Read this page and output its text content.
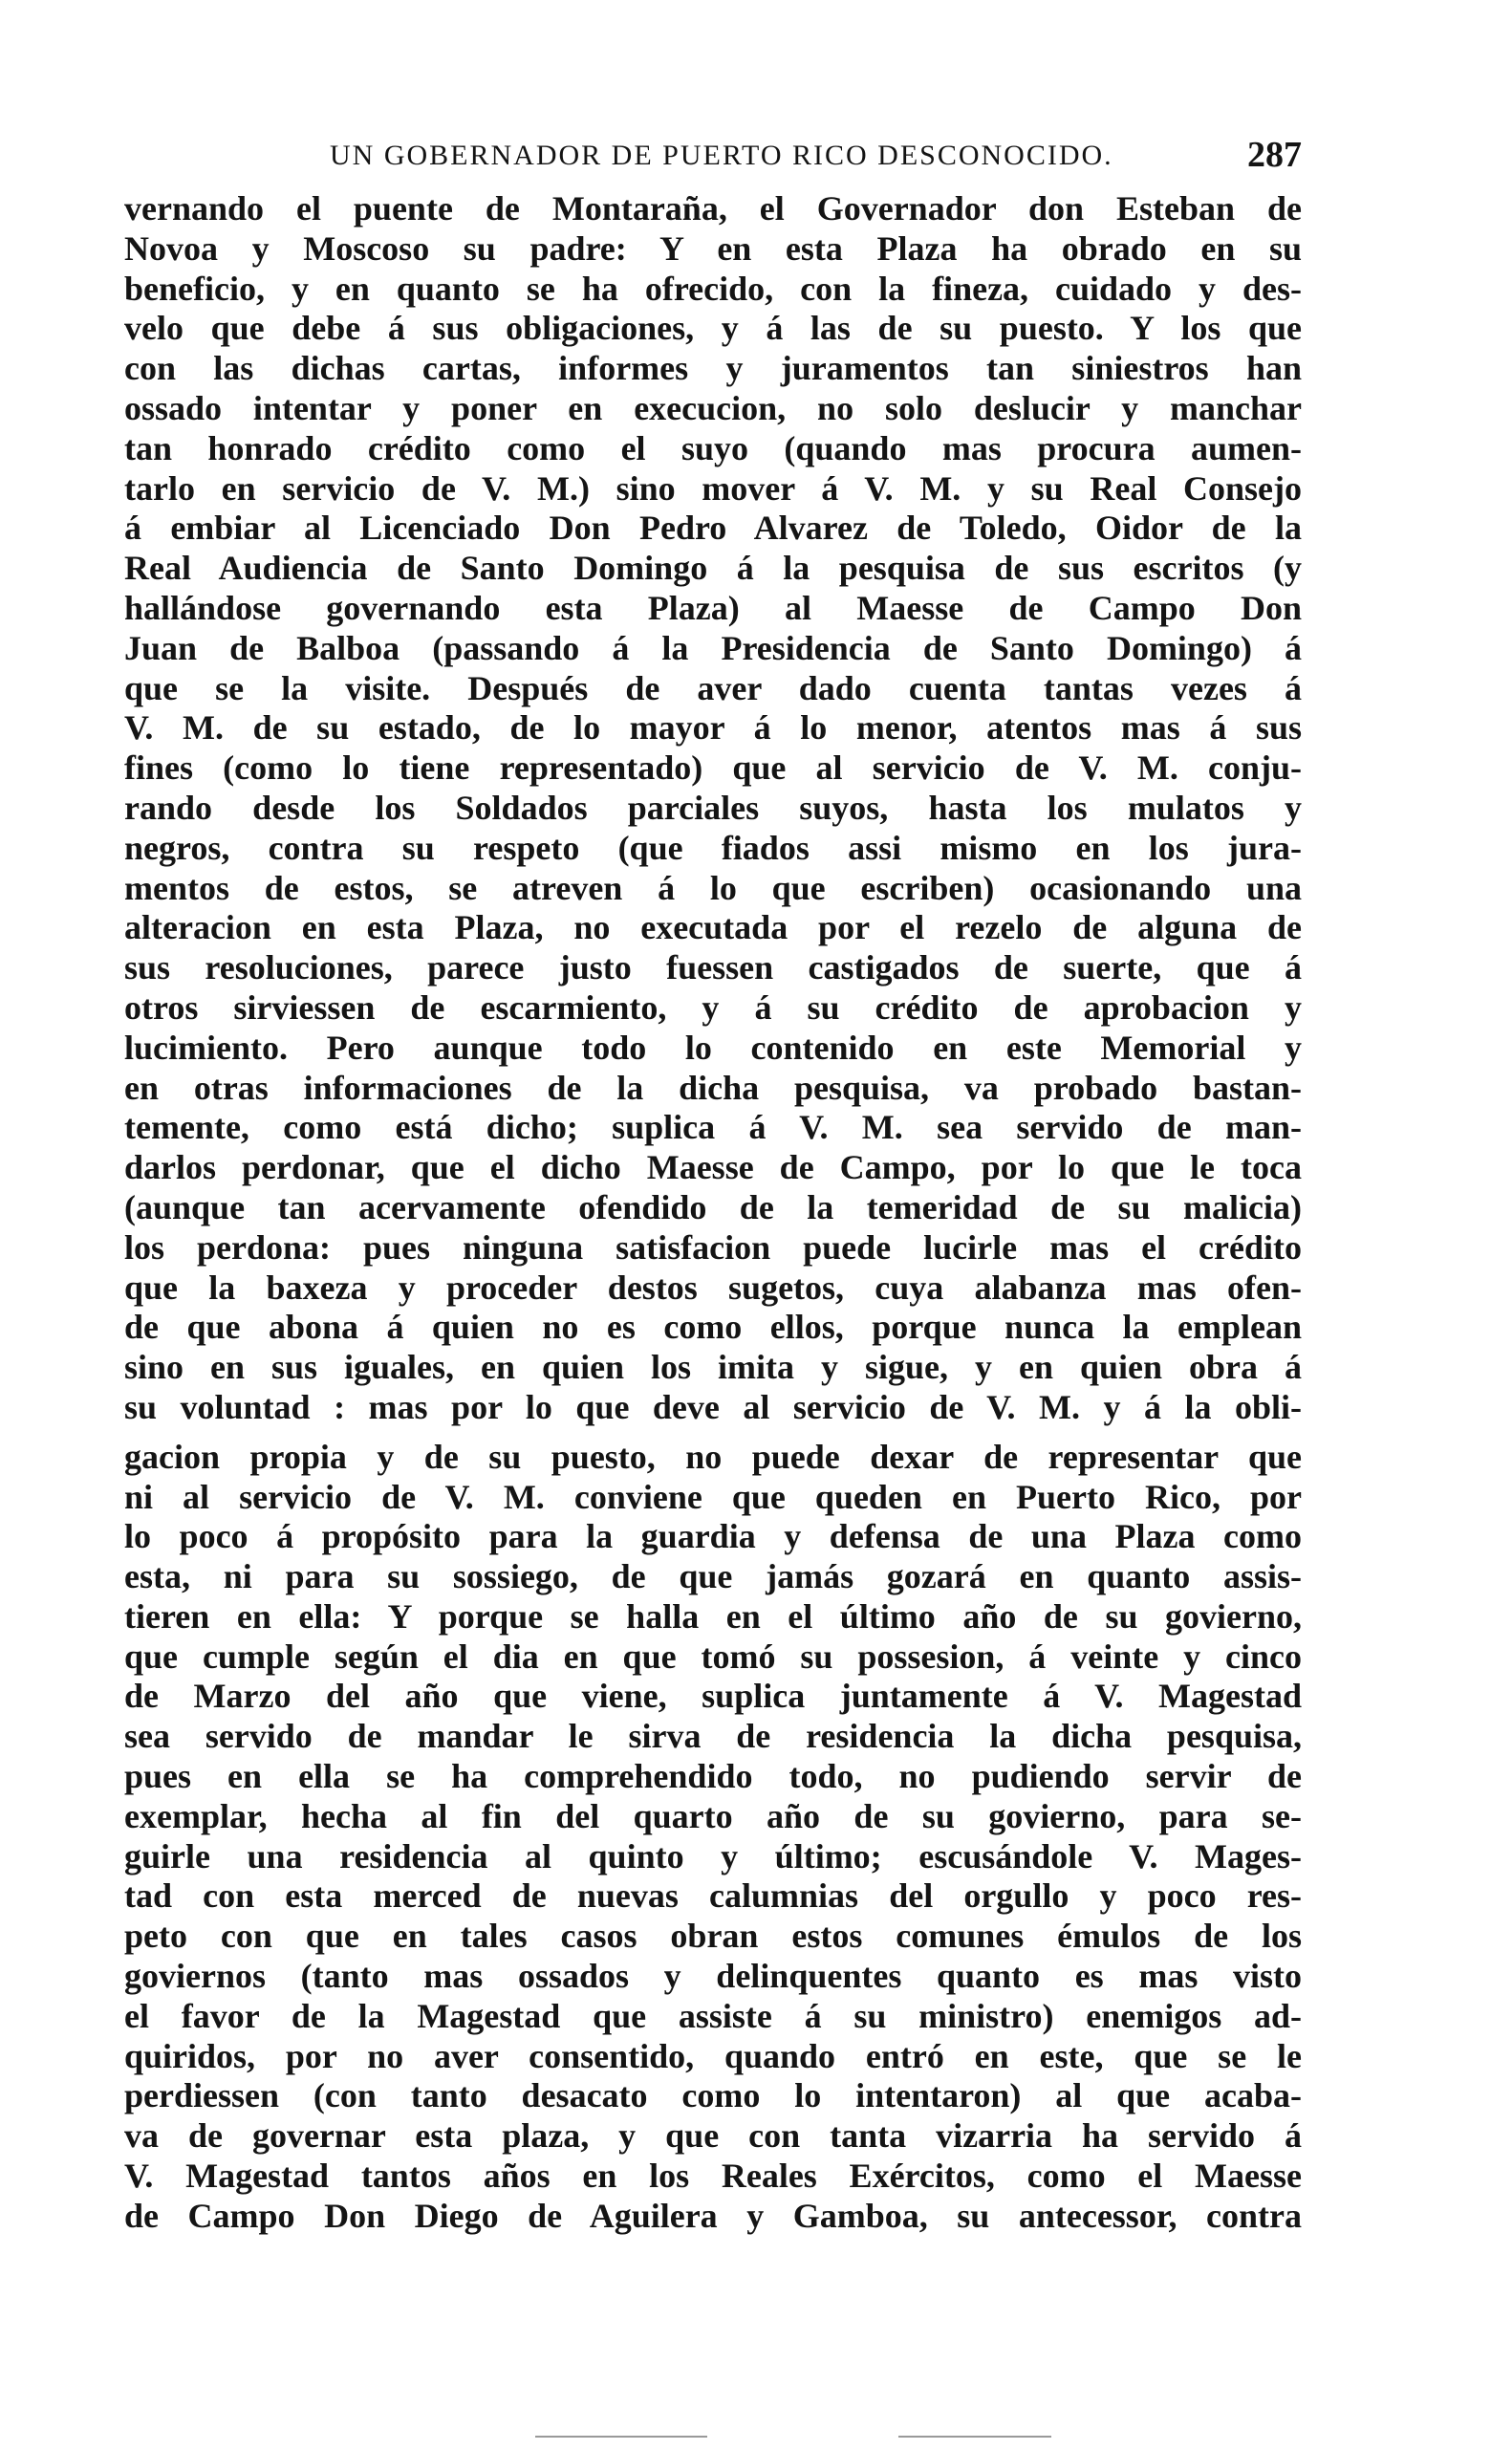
UN GOBERNADOR DE PUERTO RICO DESCONOCIDO.	287
vernando el puente de Montaraña, el Governador don Esteban de
Novoa y Moscoso su padre: Y en esta Plaza ha obrado en su
beneficio, y en quanto se ha ofrecido, con la fineza, cuidado y des-
velo que debe á sus obligaciones, y á las de su puesto. Y los que
con las dichas cartas, informes y juramentos tan siniestros han
ossado intentar y poner en execucion, no solo deslucir y manchar
tan honrado crédito como el suyo (quando mas procura aumen-
tarlo en servicio de V. M.) sino mover á V. M. y su Real Consejo
á embiar al Licenciado Don Pedro Alvarez de Toledo, Oidor de la
Real Audiencia de Santo Domingo á la pesquisa de sus escritos (y
hallándose governando esta Plaza) al Maesse de Campo Don
Juan de Balboa (passando á la Presidencia de Santo Domingo) á
que se la visite. Después de aver dado cuenta tantas vezes á
V. M. de su estado, de lo mayor á lo menor, atentos mas á sus
fines (como lo tiene representado) que al servicio de V. M. conju-
rando desde los Soldados parciales suyos, hasta los mulatos y
negros, contra su respeto (que fiados assi mismo en los jura-
mentos de estos, se atreven á lo que escriben) ocasionando una
alteracion en esta Plaza, no executada por el rezelo de alguna de
sus resoluciones, parece justo fuessen castigados de suerte, que á
otros sirviessen de escarmiento, y á su crédito de aprobacion y
lucimiento. Pero aunque todo lo contenido en este Memorial y
en otras informaciones de la dicha pesquisa, va probado bastan-
temente, como está dicho; suplica á V. M. sea servido de man-
darlos perdonar, que el dicho Maesse de Campo, por lo que le toca
(aunque tan acervamente ofendido de la temeridad de su malicia)
los perdona: pues ninguna satisfacion puede lucirle mas el crédito
que la baxeza y proceder destos sugetos, cuya alabanza mas ofen-
de que abona á quien no es como ellos, porque nunca la emplean
sino en sus iguales, en quien los imita y sigue, y en quien obra á
su voluntad : mas por lo que deve al servicio de V. M. y á la obli-
gacion propia y de su puesto, no puede dexar de representar que
ni al servicio de V. M. conviene que queden en Puerto Rico, por
lo poco á propósito para la guardia y defensa de una Plaza como
esta, ni para su sossiego, de que jamás gozará en quanto assis-
tieren en ella: Y porque se halla en el último año de su govierno,
que cumple según el dia en que tomó su possesion, á veinte y cinco
de Marzo del año que viene, suplica juntamente á V. Magestad
sea servido de mandar le sirva de residencia la dicha pesquisa,
pues en ella se ha comprehendido todo, no pudiendo servir de
exemplar, hecha al fin del quarto año de su govierno, para se-
guirle una residencia al quinto y último; escusándole V. Mages-
tad con esta merced de nuevas calumnias del orgullo y poco res-
peto con que en tales casos obran estos comunes émulos de los
goviernos (tanto mas ossados y delinquentes quanto es mas visto
el favor de la Magestad que assiste á su ministro) enemigos ad-
quiridos, por no aver consentido, quando entró en este, que se le
perdiessen (con tanto desacato como lo intentaron) al que acaba-
va de governar esta plaza, y que con tanta vizarria ha servido á
V. Magestad tantos años en los Reales Exércitos, como el Maesse
de Campo Don Diego de Aguilera y Gamboa, su antecessor, contra
